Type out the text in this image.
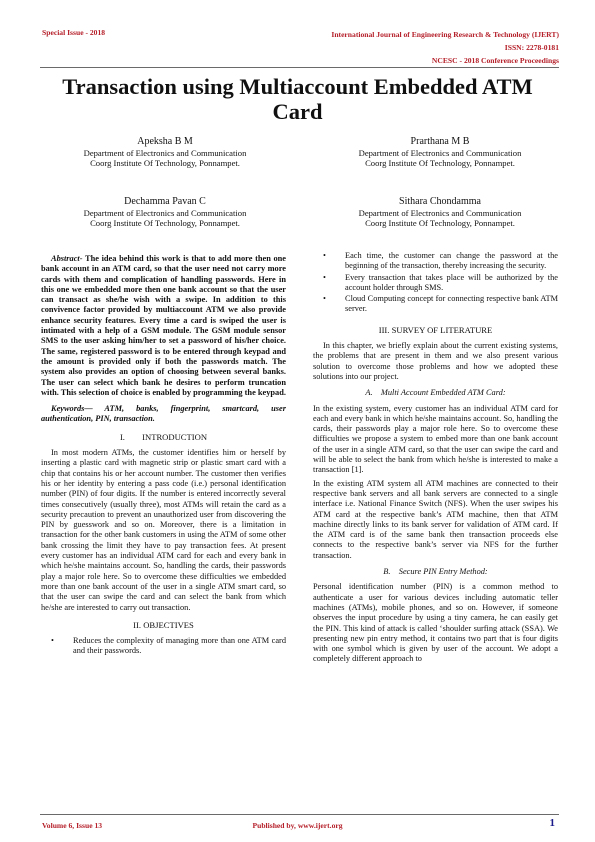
Special Issue - 2018	International Journal of Engineering Research & Technology (IJERT)
ISSN: 2278-0181
NCESC - 2018 Conference Proceedings
Transaction using Multiaccount Embedded ATM Card
Apeksha B M
Department of Electronics and Communication
Coorg Institute Of Technology, Ponnampet.
Prarthana M B
Department of Electronics and Communication
Coorg Institute Of Technology, Ponnampet.
Dechamma Pavan C
Department of Electronics and Communication
Coorg Institute Of Technology, Ponnampet.
Sithara Chondamma
Department of Electronics and Communication
Coorg Institute Of Technology, Ponnampet.

Abstract- The idea behind this work is that to add more then one bank account in an ATM card, so that the user need not carry more cards with them and complication of handling passwords. Here in this one we embedded more then one bank account so that the user can transact as she/he wish with a swipe. In addition to this convivence factor provided by multiaccount ATM we also provide enhance security features. Every time a card is swiped the user is intimated with a help of a GSM module. The GSM module sensor SMS to the user asking him/her to set a password of his/her choice. The same, registered password is to be entered through keypad and the amount is provided only if both the passwords match. The system also provides an option of choosing between several banks. The user can select which bank he desires to perform truncation with. This selection of choice is enabled by programming the keypad.

Keywords— ATM, banks, fingerprint, smartcard, user authentication, PIN, transaction.

I.        INTRODUCTION

In most modern ATMs, the customer identifies him or herself by inserting a plastic card with magnetic strip or plastic smart card with a chip that contains his or her account number. The customer then verifies his or her identity by entering a pass code (i.e.) personal identification number (PIN) of four digits. If the number is entered incorrectly several times consecutively (usually three), most ATMs will retain the card as a security precaution to prevent an unauthorized user from discovering the PIN by guesswork and so on. Moreover, there is a limitation in transaction for the other bank customers in using the ATM of some other bank crossing the limit they have to pay transaction fees. At present every customer has an individual ATM card for each and every bank in which he/she maintains account. So, handling the cards, their passwords play a major role here. So to overcome these difficulties we embedded more than one bank account of the user in a single ATM smart card, so that the user can swipe the card and can select the bank from which he/she are interested to carry out transaction.

II. OBJECTIVES
• Reduces the complexity of managing more than one ATM card and their passwords.
• Each time, the customer can change the password at the beginning of the transaction, thereby increasing the security.
• Every transaction that takes place will be authorized by the account holder through SMS.
• Cloud Computing concept for connecting respective bank ATM server.
III. SURVEY OF LITERATURE

In this chapter, we briefly explain about the current existing systems, the problems that are present in them and we also present various solution to overcome those problems and how we adopted these solutions into our project.

A.    Multi Account Embedded ATM Card:

In the existing system, every customer has an individual ATM card for each and every bank in which he/she maintains account. So, handling the cards, their passwords play a major role here. So to overcome these difficulties we propose a system to embed more than one bank account of the user in a single ATM card, so that the user can swipe the card and will be able to select the bank from which he/she is interested to make a transaction [1].

In the existing ATM system all ATM machines are connected to their respective bank servers and all bank servers are connected to a single interface i.e. National Finance Switch (NFS). When the user swipes his ATM card at the respective bank’s ATM machine, then that ATM machine directly links to its bank server for validation of ATM card. If the ATM card is of the same bank then transaction proceeds else connects to the respective bank’s server via NFS for the further transaction.

B.    Secure PIN Entry Method:

Personal identification number (PIN) is a common method to authenticate a user for various devices including automatic teller machines (ATMs), mobile phones, and so on. However, if someone observes the input procedure by using a tiny camera, he can easily get the PIN. This kind of attack is called ‘shoulder surfing attack (SSA). We presenting new pin entry method, it contains two part that is four digits with one symbol which is given by user of the account. We adopt a completely different approach to

Volume 6, Issue 13	Published by, www.ijert.org	1
